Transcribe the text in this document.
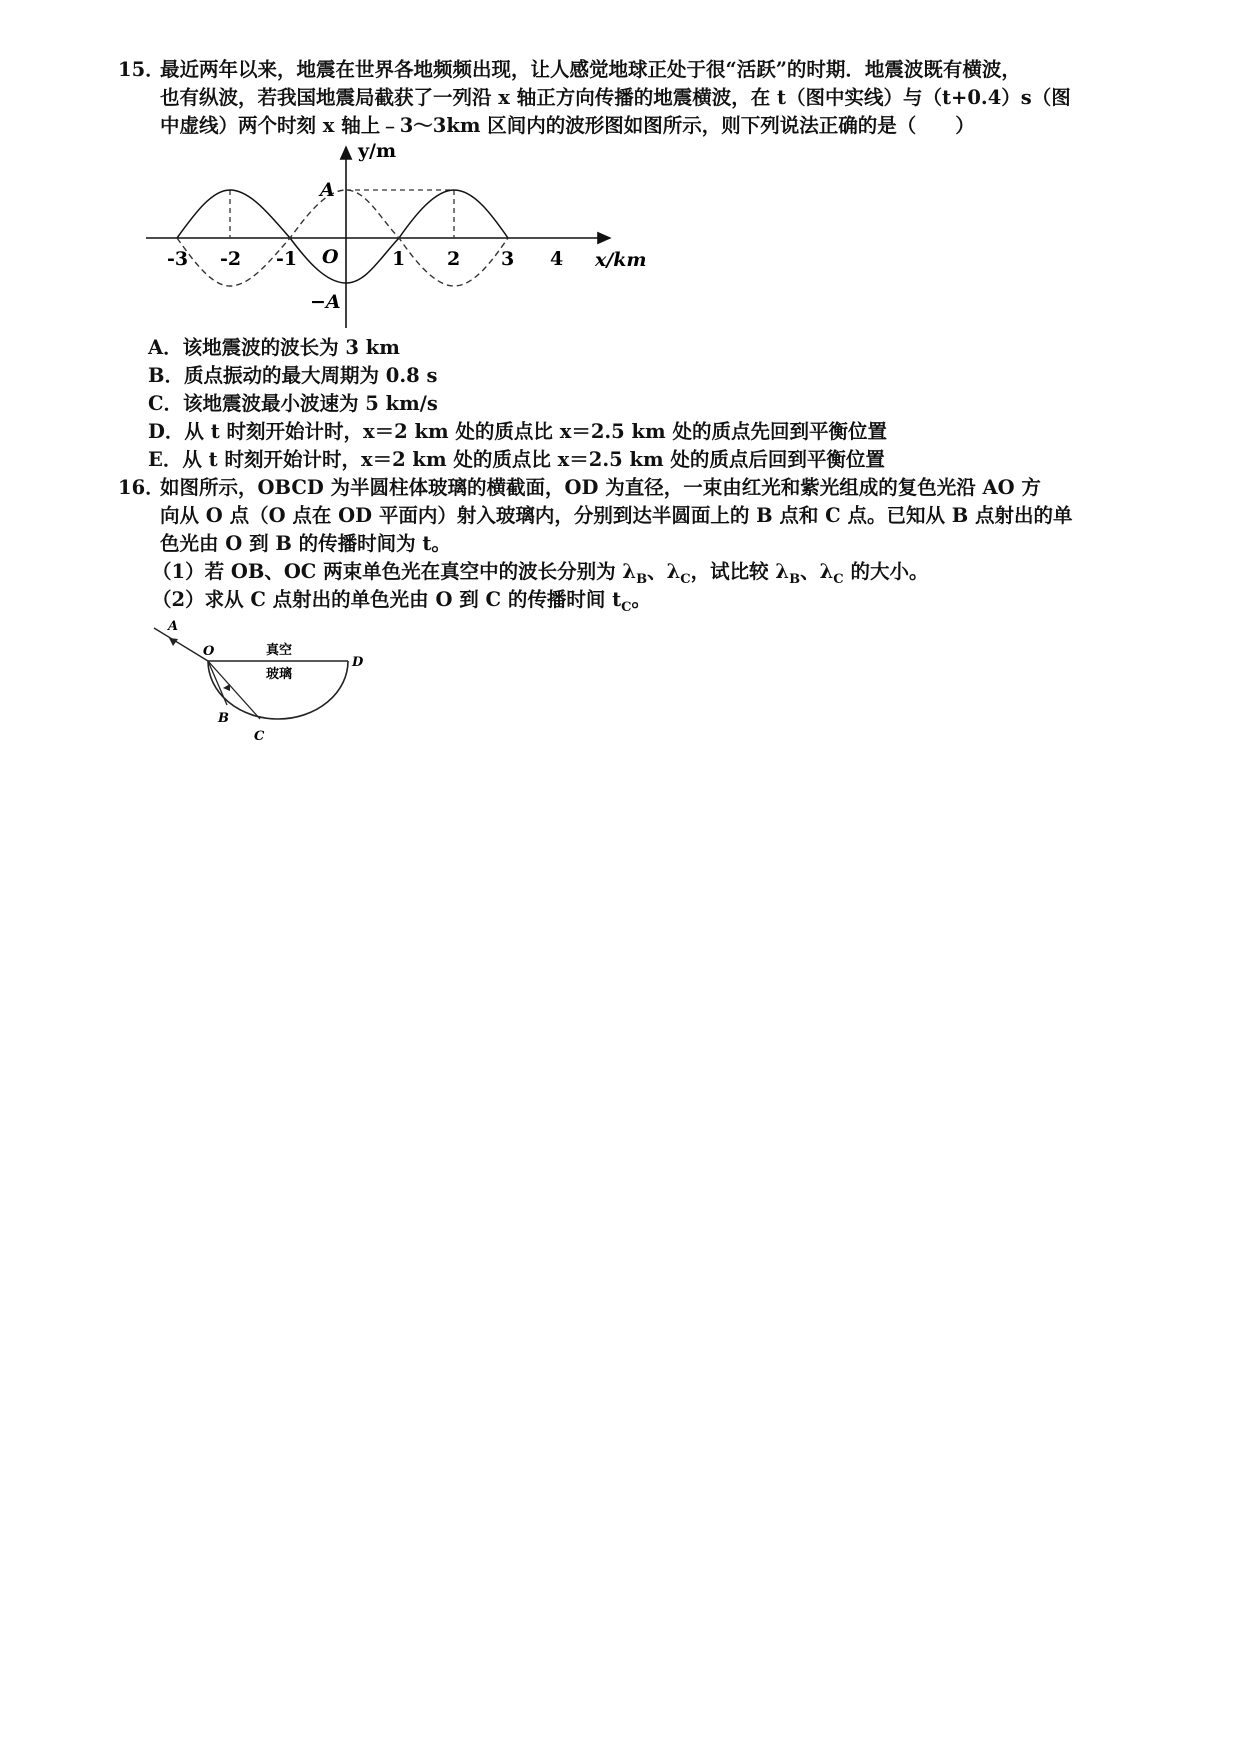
15．最近两年以来，地震在世界各地频频出现，让人感觉地球正处于很“活跃”的时期．地震波既有横波，
也有纵波，若我国地震局截获了一列沿 x 轴正方向传播的地震横波，在 t（图中实线）与（t+0.4）s（图
中虚线）两个时刻 x 轴上﹣3～3km 区间内的波形图如图所示，则下列说法正确的是（　　）
y/m
x/km
A
−A
O
-3 -2 -1	1 2 3 4
A．该地震波的波长为 3 km
B．质点振动的最大周期为 0.8 s
C．该地震波最小波速为 5 km/s
D．从 t 时刻开始计时，x＝2 km 处的质点比 x＝2.5 km 处的质点先回到平衡位置
E．从 t 时刻开始计时，x＝2 km 处的质点比 x＝2.5 km 处的质点后回到平衡位置
16．如图所示，OBCD 为半圆柱体玻璃的横截面，OD 为直径，一束由红光和紫光组成的复色光沿 AO 方
向从 O 点（O 点在 OD 平面内）射入玻璃内，分别到达半圆面上的 B 点和 C 点。已知从 B 点射出的单
色光由 O 到 B 的传播时间为 t。
（1）若 OB、OC 两束单色光在真空中的波长分别为 $\lambda_B$、$\lambda_C$，试比较 $\lambda_B$、$\lambda_C$ 的大小。
（2）求从 C 点射出的单色光由 O 到 C 的传播时间 $t_C$。
A
O
D
B
C
真空
玻璃
